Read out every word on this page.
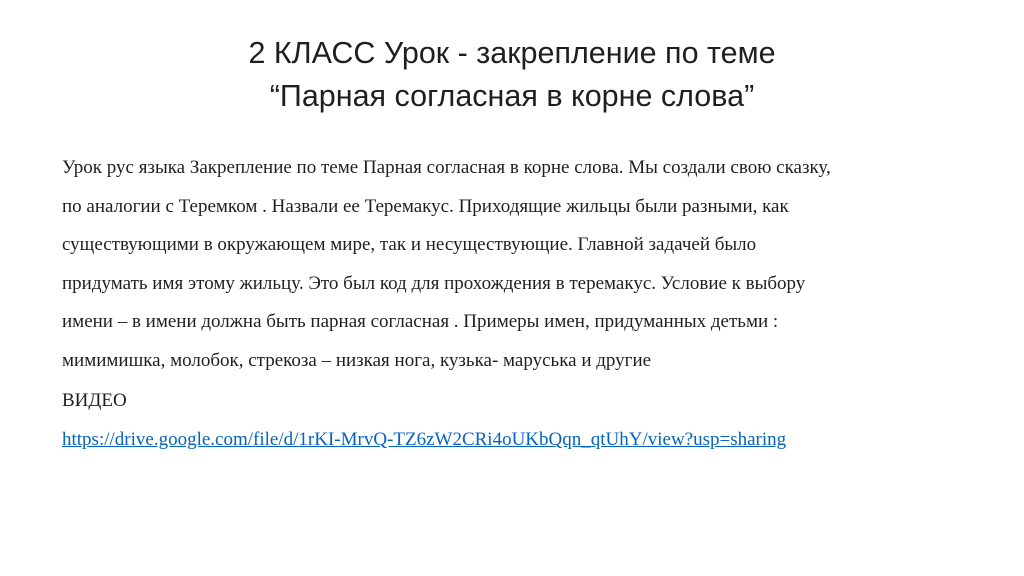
2 КЛАСС Урок - закрепление по теме
“Парная согласная в корне слова”

Урок рус языка Закрепление по теме Парная согласная в корне слова. Мы создали свою сказку,
по аналогии с Теремком . Назвали ее Теремакус. Приходящие жильцы были разными, как
существующими в окружающем мире, так и несуществующие. Главной задачей было
придумать имя этому жильцу. Это был код для прохождения в теремакус. Условие к выбору
имени – в имени должна быть парная согласная . Примеры имен, придуманных детьми :
мимимишка, молобок, стрекоза – низкая нога, кузька- маруська и другие

ВИДЕО

https://drive.google.com/file/d/1rKI-MrvQ-TZ6zW2CRi4oUKbQqn_qtUhY/view?usp=sharing
